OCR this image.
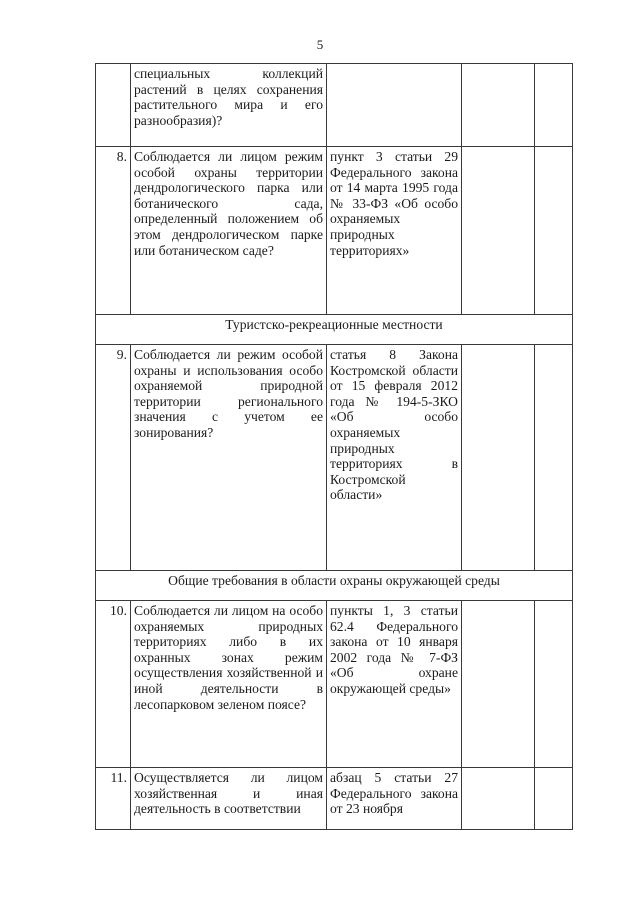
5
	специальных коллекций растений в целях сохранения растительного мира и его разнообразия)?			
8.	Соблюдается ли лицом режим особой охраны территории дендрологического парка или ботанического сада, определенный положением об этом дендрологическом парке или ботаническом саде?	пункт 3 статьи 29 Федерального закона от 14 марта 1995 года № 33-ФЗ «Об особо охраняемых природных территориях»		
Туристско-рекреационные местности				
9.	Соблюдается ли режим особой охраны и использования особо охраняемой природной территории регионального значения с учетом ее зонирования?	статья 8 Закона Костромской области от 15 февраля 2012 года № 194-5-ЗКО «Об особо охраняемых природных территориях в Костромской области»		
Общие требования в области охраны окружающей среды				
10.	Соблюдается ли лицом на особо охраняемых природных территориях либо в их охранных зонах режим осуществления хозяйственной и иной деятельности в лесопарковом зеленом поясе?	пункты 1, 3 статьи 62.4 Федерального закона от 10 января 2002 года № 7-ФЗ «Об охране окружающей среды»		
11.	Осуществляется ли лицом хозяйственная и иная деятельность в соответствии	абзац 5 статьи 27 Федерального закона от 23 ноября		
